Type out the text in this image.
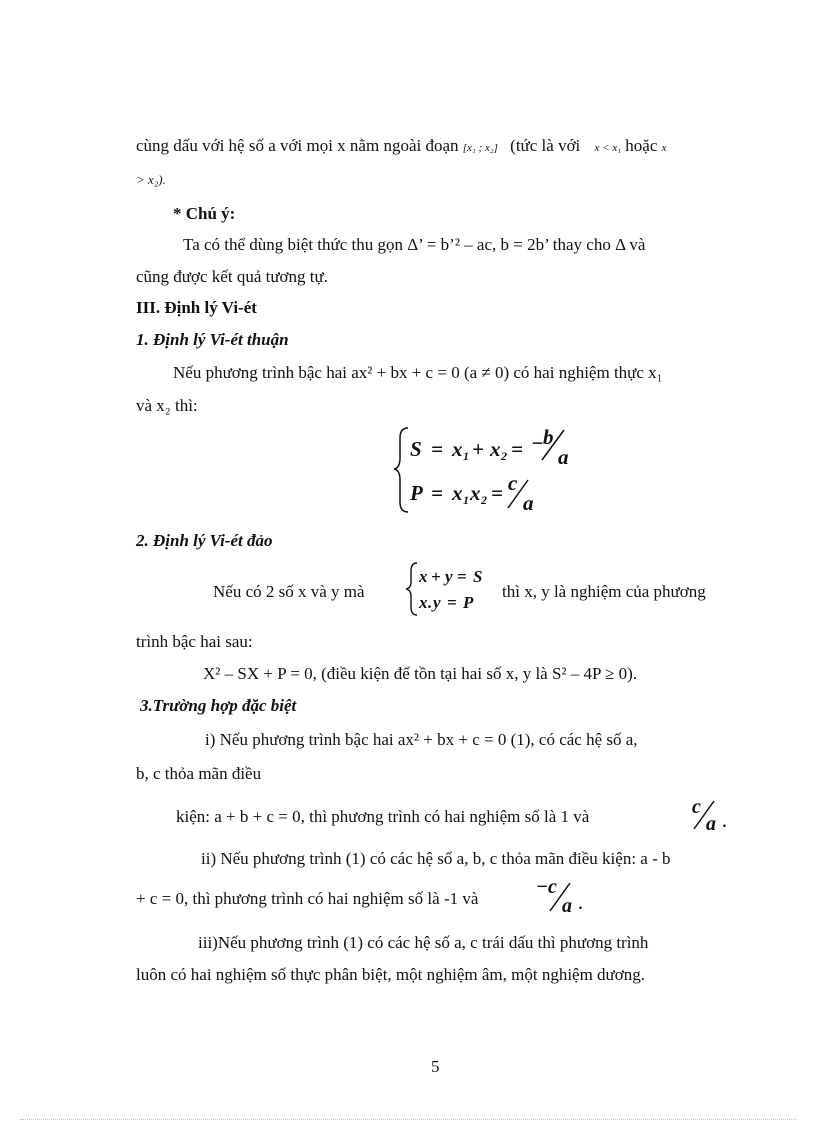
cùng dấu với hệ số a với mọi x nằm ngoài đoạn [x₁ ; x₂] (tức là với x < x₁ hoặc x
> x₂).
* Chú ý:
Ta có thể dùng biệt thức thu gọn Δ’ = b’² – ac, b = 2b’ thay cho Δ và
cũng được kết quả tương tự.
III. Định lý Vi-ét
1. Định lý Vi-ét thuận
Nếu phương trình bậc hai ax² + bx + c = 0 (a ≠ 0) có hai nghiệm thực x₁
và x₂ thì:
S = x 1 + x 2 = − b
a
P = x 1 x 2 = c
a
2. Định lý Vi-ét đảo
Nếu có 2 số x và y mà
x + y = S
x . y = P
thì x, y là nghiệm của phương
trình bậc hai sau:
X² – SX + P = 0, (điều kiện để tồn tại hai số x, y là S² – 4P ≥ 0).
3.Trường hợp đặc biệt
i) Nếu phương trình bậc hai ax² + bx + c = 0 (1), có các hệ số a,
b, c thỏa mãn điều
kiện: a + b + c = 0, thì phương trình có hai nghiệm số là 1 và	c
a .
ii) Nếu phương trình (1) có các hệ số a, b, c thỏa mãn điều kiện: a - b
+ c = 0, thì phương trình có hai nghiệm số là -1 và
− c
a .
iii)Nếu phương trình (1) có các hệ số a, c trái dấu thì phương trình
luôn có hai nghiệm số thực phân biệt, một nghiệm âm, một nghiệm dương.
5
